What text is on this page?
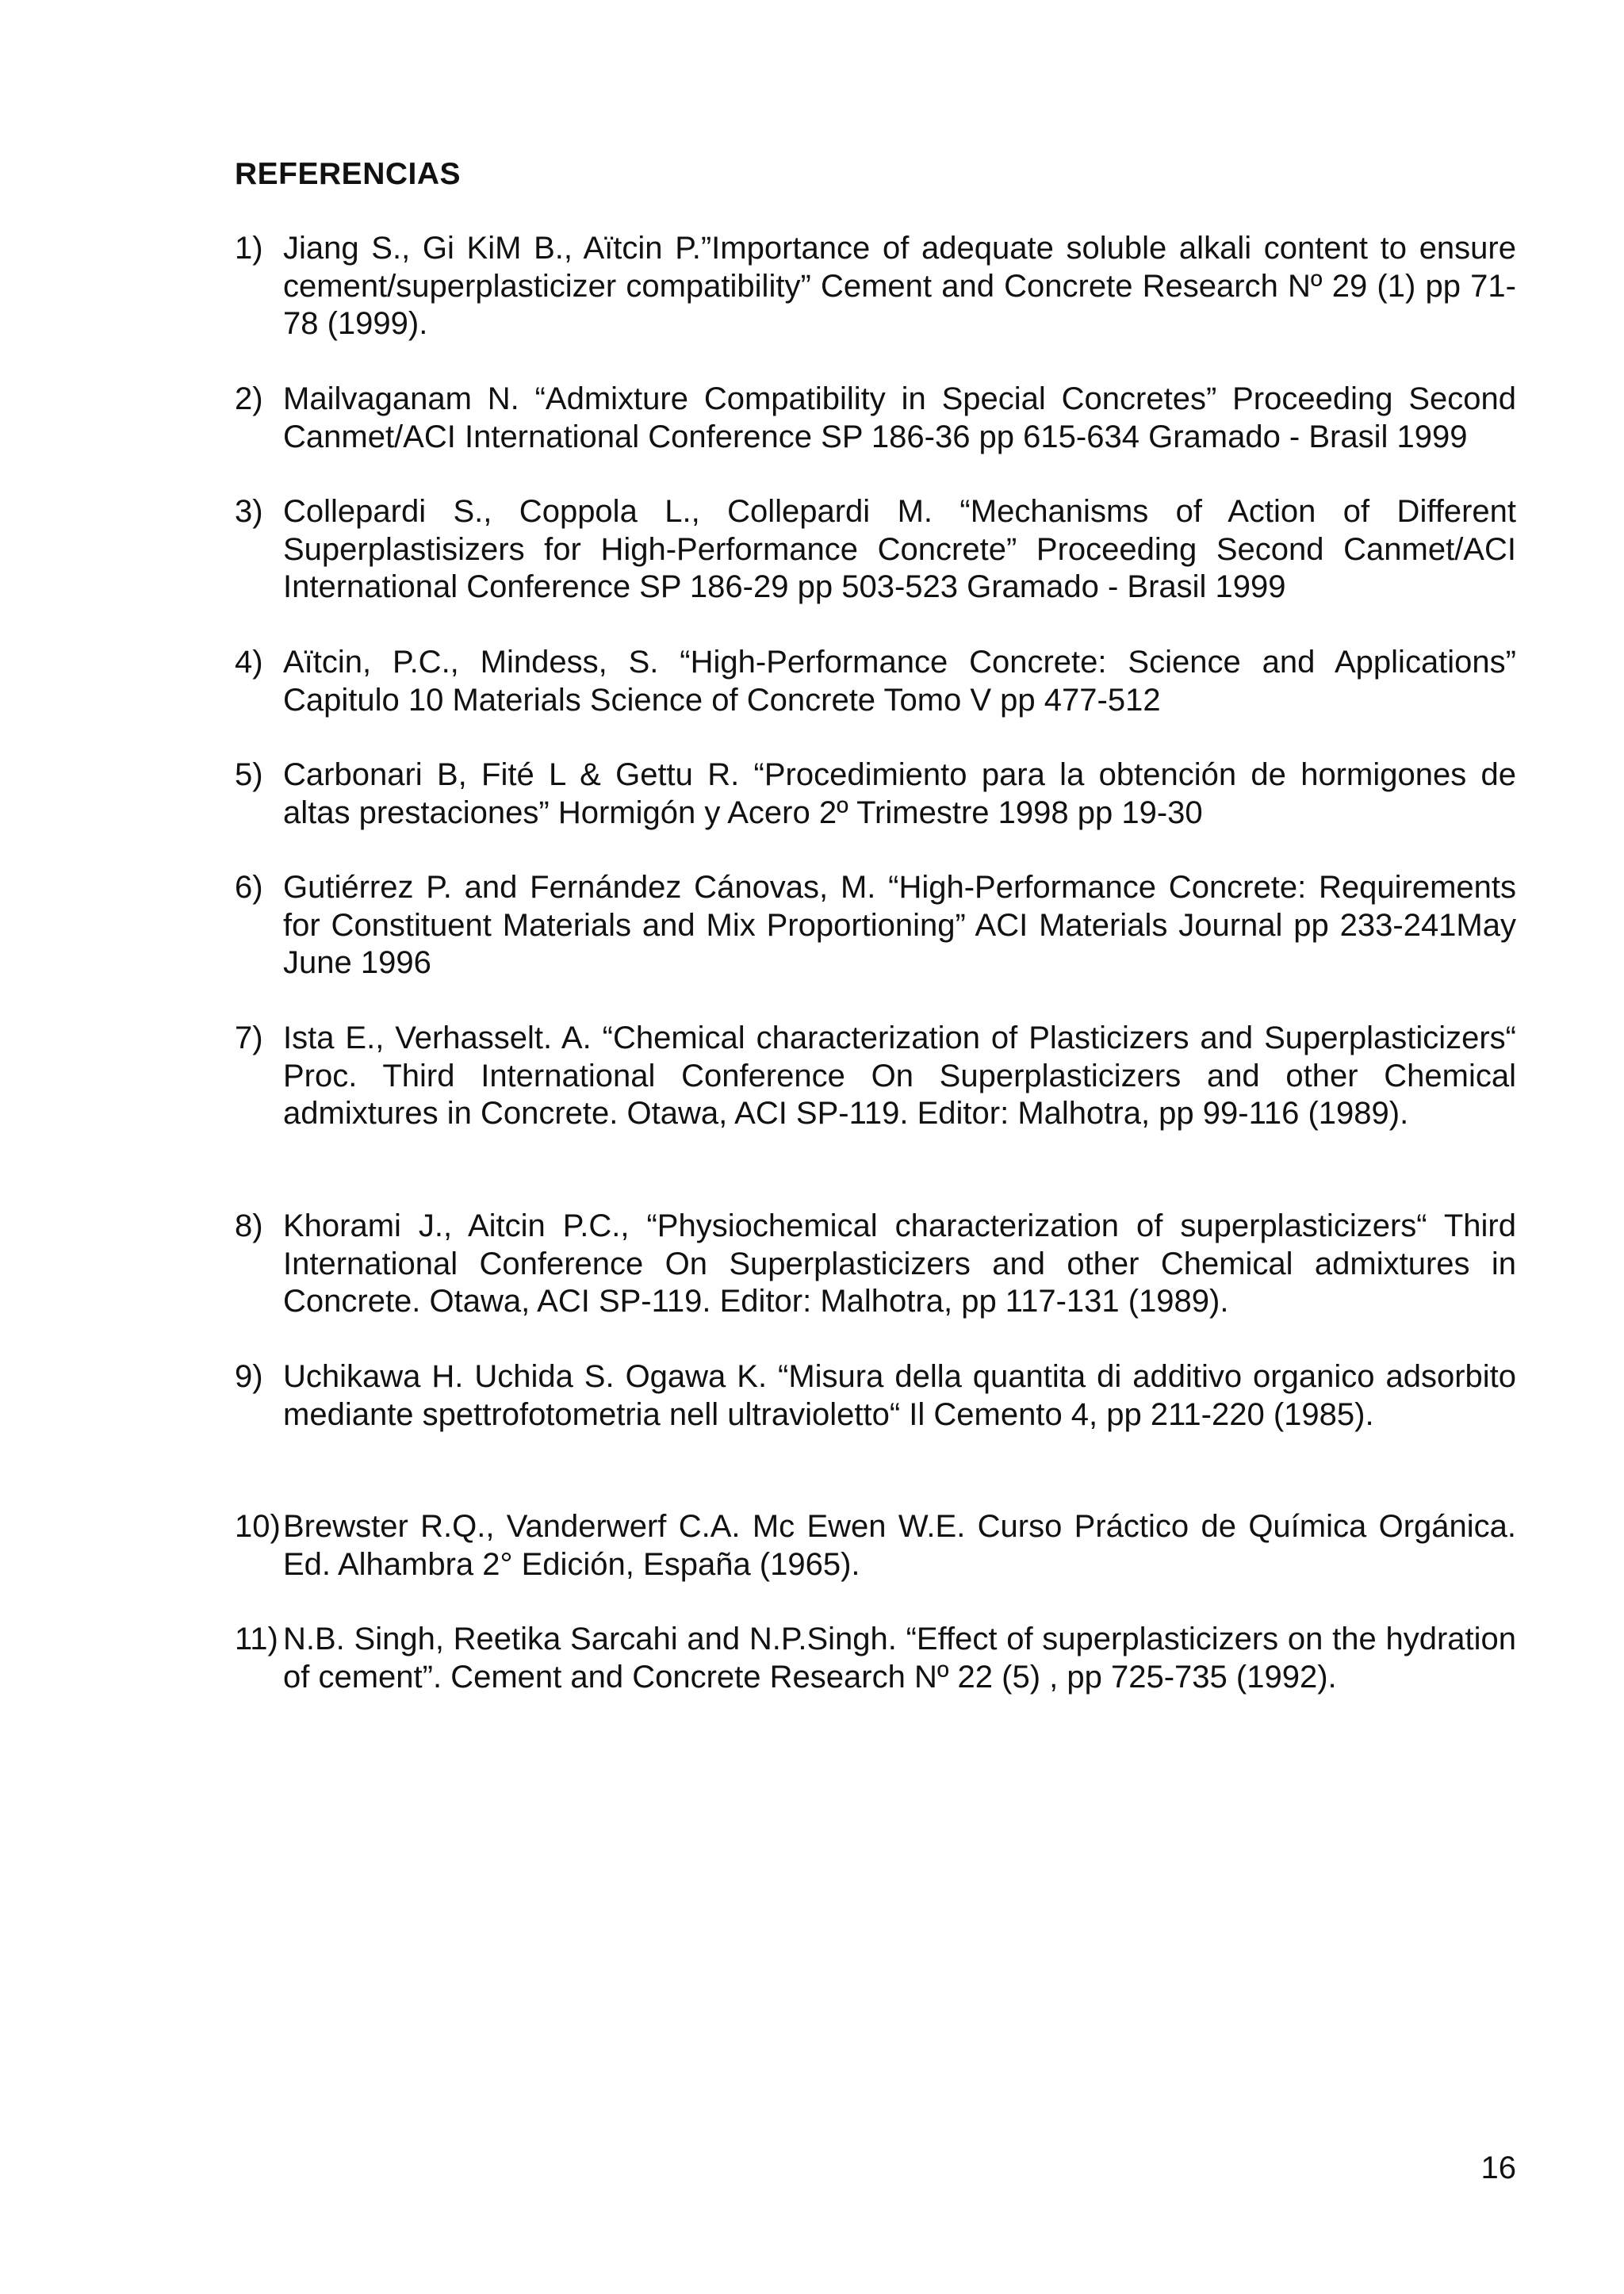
REFERENCIAS
1) Jiang S., Gi KiM B., Aïtcin P.”Importance of adequate soluble alkali content to ensure cement/superplasticizer compatibility” Cement and Concrete Research Nº 29 (1) pp 71-78 (1999).
2) Mailvaganam N. “Admixture Compatibility in Special Concretes” Proceeding Second Canmet/ACI International Conference SP 186-36 pp 615-634 Gramado - Brasil 1999
3) Collepardi S., Coppola L., Collepardi M. “Mechanisms of Action of Different Superplastisizers for High-Performance Concrete” Proceeding Second Canmet/ACI International Conference SP 186-29 pp 503-523 Gramado - Brasil 1999
4) Aïtcin, P.C., Mindess, S. “High-Performance Concrete: Science and Applications” Capitulo 10 Materials Science of Concrete Tomo V pp 477-512
5) Carbonari B, Fité L & Gettu R. “Procedimiento para la obtención de hormigones de altas prestaciones” Hormigón y Acero 2º Trimestre 1998 pp 19-30
6) Gutiérrez P. and Fernández Cánovas, M. “High-Performance Concrete: Requirements for Constituent Materials and Mix Proportioning” ACI Materials Journal pp 233-241May June 1996
7) Ista E., Verhasselt. A. “Chemical characterization of Plasticizers and Superplasticizers“ Proc. Third International Conference On Superplasticizers and other Chemical admixtures in Concrete. Otawa, ACI SP-119. Editor: Malhotra, pp 99-116 (1989).
8) Khorami J., Aitcin P.C., “Physiochemical characterization of superplasticizers“ Third International Conference On Superplasticizers and other Chemical admixtures in Concrete. Otawa, ACI SP-119. Editor: Malhotra, pp 117-131 (1989).
9) Uchikawa H. Uchida S. Ogawa K. “Misura della quantita di additivo organico adsorbito mediante spettrofotometria nell ultravioletto“ Il Cemento 4, pp 211-220 (1985).
10) Brewster R.Q., Vanderwerf C.A. Mc Ewen W.E. Curso Práctico de Química Orgánica. Ed. Alhambra 2° Edición, España (1965).
11) N.B. Singh, Reetika Sarcahi and N.P.Singh. “Effect of superplasticizers on the hydration of cement”. Cement and Concrete Research Nº 22 (5) , pp 725-735 (1992).
16
